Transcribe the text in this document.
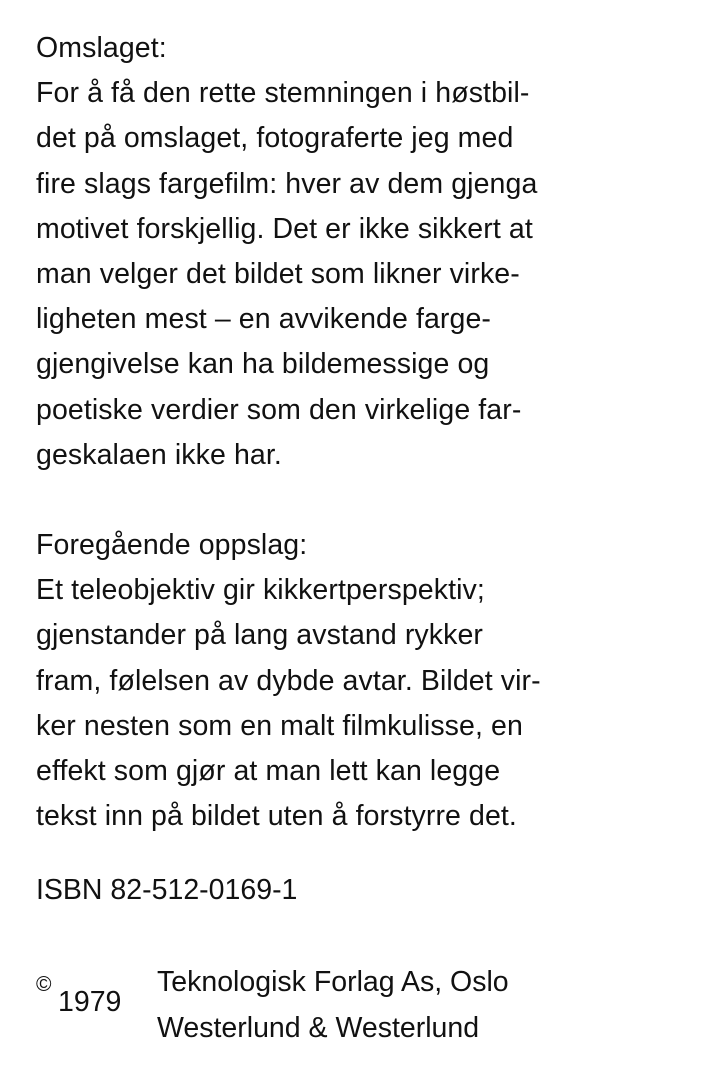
Omslaget:
For å få den rette stemningen i høstbil-
det på omslaget, fotograferte jeg med
fire slags fargefilm: hver av dem gjenga
motivet forskjellig. Det er ikke sikkert at
man velger det bildet som likner virke-
ligheten mest – en avvikende farge-
gjengivelse kan ha bildemessige og
poetiske verdier som den virkelige far-
geskalaen ikke har.
Foregående oppslag:
Et teleobjektiv gir kikkertperspektiv;
gjenstander på lang avstand rykker
fram, følelsen av dybde avtar. Bildet vir-
ker nesten som en malt filmkulisse, en
effekt som gjør at man lett kan legge
tekst inn på bildet uten å forstyrre det.
ISBN 82-512-0169-1
©
1979
Teknologisk Forlag As, Oslo
Westerlund & Westerlund
